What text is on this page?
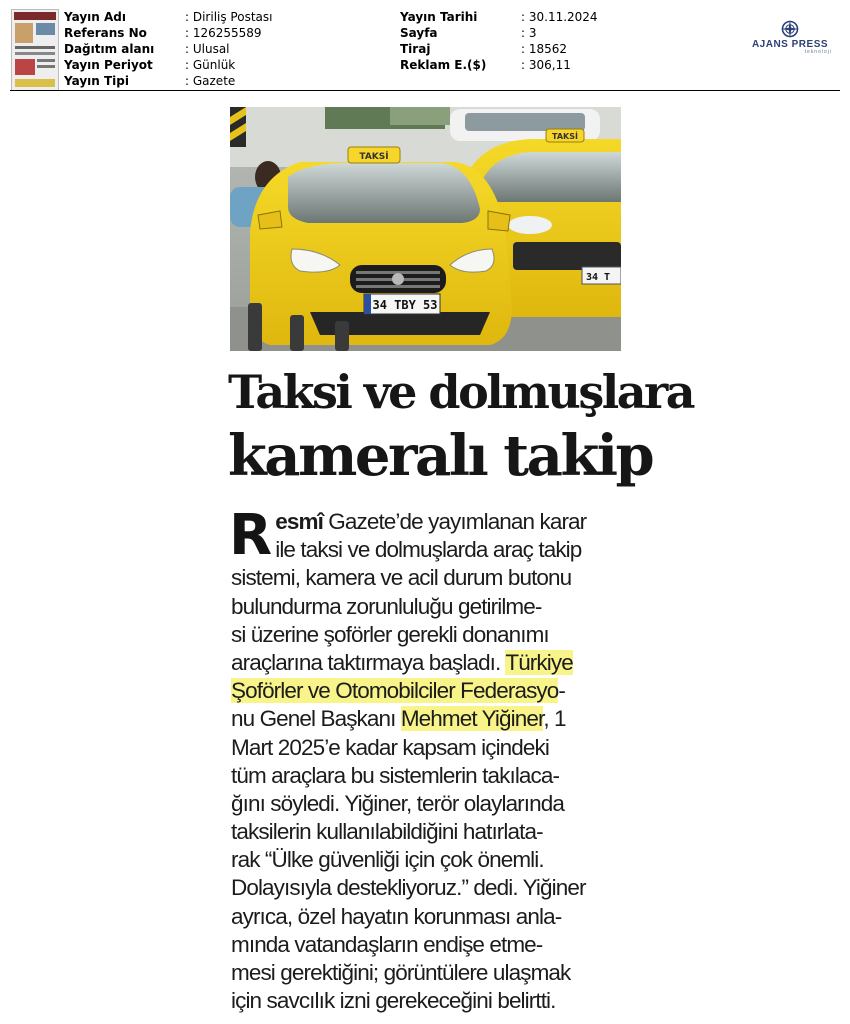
Yayın Adı	: Diriliş Postası
Referans No	: 126255589
Dağıtım alanı	: Ulusal
Yayın Periyot	: Günlük
Yayın Tipi	: Gazete
Yayın Tarihi	: 30.11.2024
Sayfa	: 3
Tiraj	: 18562
Reklam E.($)	: 306,11
AJANS PRESS
teknoloji
TAKSİ
34 T
TAKSİ
34 TBY 53
Taksi ve dolmuşlara
kameralı takip
R esmî Gazete’de yayımlanan karar
ile taksi ve dolmuşlarda araç takip
sistemi, kamera ve acil durum butonu
bulundurma zorunluluğu getirilme-
si üzerine şoförler gerekli donanımı
araçlarına taktırmaya başladı. Türkiye
Şoförler ve Otomobilciler Federasyo-
nu Genel Başkanı Mehmet Yiğiner, 1
Mart 2025’e kadar kapsam içindeki
tüm araçlara bu sistemlerin takılaca-
ğını söyledi. Yiğiner, terör olaylarında
taksilerin kullanılabildiğini hatırlata-
rak “Ülke güvenliği için çok önemli.
Dolayısıyla destekliyoruz.” dedi. Yiğiner
ayrıca, özel hayatın korunması anla-
mında vatandaşların endişe etme-
mesi gerektiğini; görüntülere ulaşmak
için savcılık izni gerekeceğini belirtti.
